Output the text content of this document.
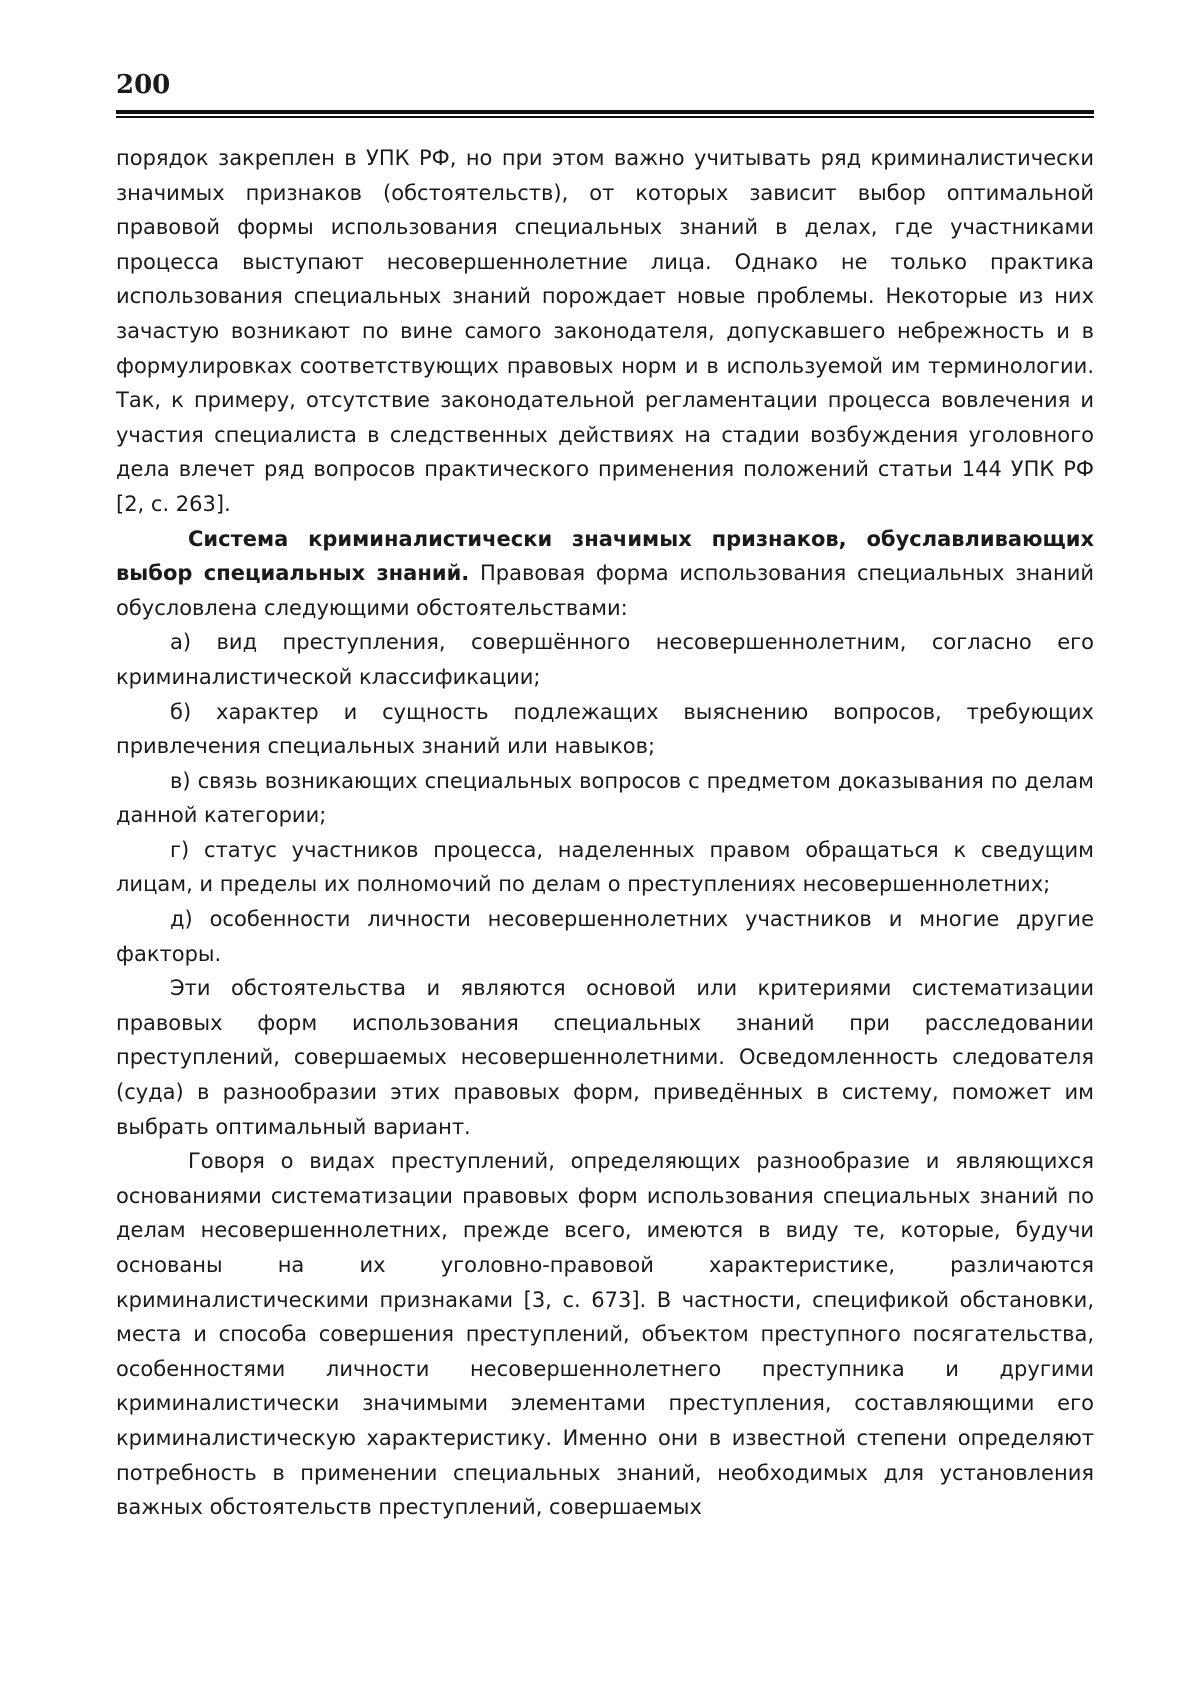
200

порядок закреплен в УПК РФ, но при этом важно учитывать ряд криминалистически значимых признаков (обстоятельств), от которых зависит выбор оптимальной правовой формы использования специальных знаний в делах, где участниками процесса выступают несовершеннолетние лица. Однако не только практика использования специальных знаний порождает новые проблемы. Некоторые из них зачастую возникают по вине самого законодателя, допускавшего небрежность и в формулировках соответствующих правовых норм и в используемой им терминологии. Так, к примеру, отсутствие законодательной регламентации процесса вовлечения и участия специалиста в следственных действиях на стадии возбуждения уголовного дела влечет ряд вопросов практического применения положений статьи 144 УПК РФ [2, с. 263].

Система криминалистически значимых признаков, обуславливающих выбор специальных знаний. Правовая форма использования специальных знаний обусловлена следующими обстоятельствами:

а) вид преступления, совершённого несовершеннолетним, согласно его криминалистической классификации;

б) характер и сущность подлежащих выяснению вопросов, требующих привлечения специальных знаний или навыков;

в) связь возникающих специальных вопросов с предметом доказывания по делам данной категории;

г) статус участников процесса, наделенных правом обращаться к сведущим лицам, и пределы их полномочий по делам о преступлениях несовершеннолетних;

д) особенности личности несовершеннолетних участников и многие другие факторы.

Эти обстоятельства и являются основой или критериями систематизации правовых форм использования специальных знаний при расследовании преступлений, совершаемых несовершеннолетними. Осведомленность следователя (суда) в разнообразии этих правовых форм, приведённых в систему, поможет им выбрать оптимальный вариант.

Говоря о видах преступлений, определяющих разнообразие и являющихся основаниями систематизации правовых форм использования специальных знаний по делам несовершеннолетних, прежде всего, имеются в виду те, которые, будучи основаны на их уголовно-правовой характеристике, различаются криминалистическими признаками [3, с. 673]. В частности, спецификой обстановки, места и способа совершения преступлений, объектом преступного посягательства, особенностями личности несовершеннолетнего преступника и другими криминалистически значимыми элементами преступления, составляющими его криминалистическую характеристику. Именно они в известной степени определяют потребность в применении специальных знаний, необходимых для установления важных обстоятельств преступлений, совершаемых
